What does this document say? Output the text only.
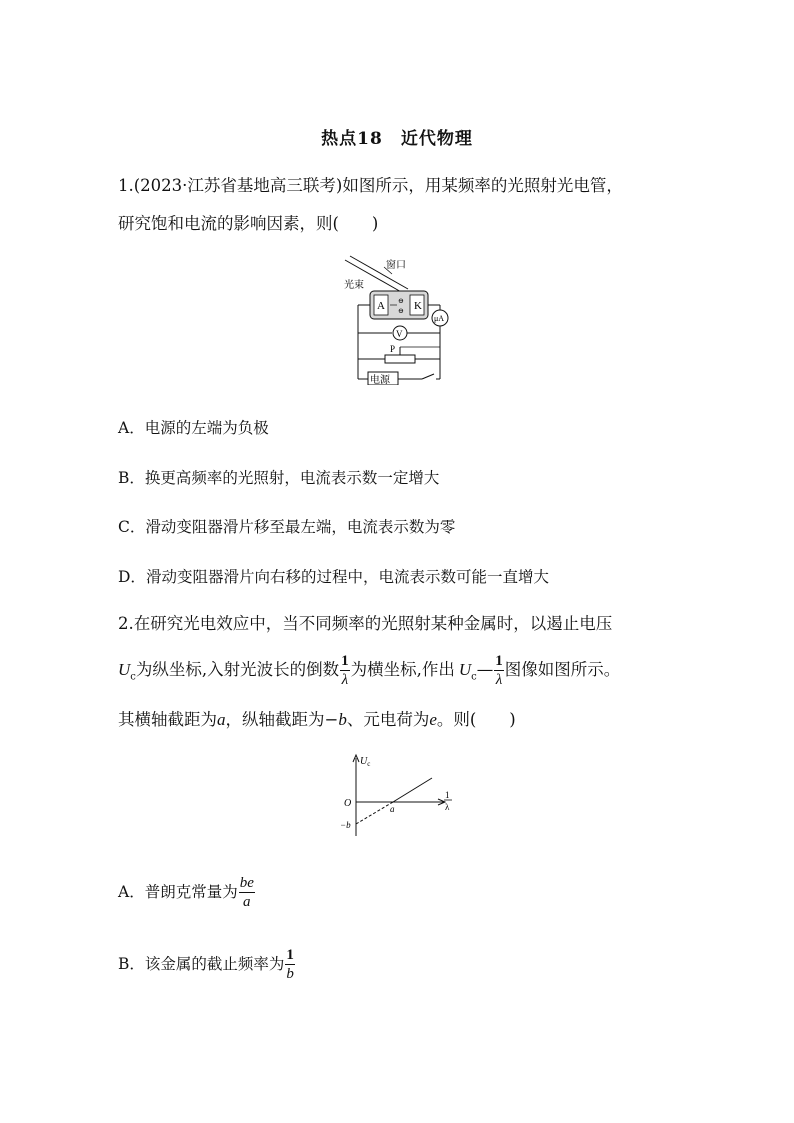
热点18　近代物理
1.(2023·江苏省基地高三联考)如图所示，用某频率的光照射光电管，
研究饱和电流的影响因素，则(　　)
窗口
光束
A	K
⊖
⊖
μA
V
P
电源
A．电源的左端为负极
B．换更高频率的光照射，电流表示数一定增大
C．滑动变阻器滑片移至最左端，电流表示数为零
D．滑动变阻器滑片向右移的过程中，电流表示数可能一直增大
2.在研究光电效应中，当不同频率的光照射某种金属时，以遏止电压
$U_c$为纵坐标,入射光波长的倒数 $\frac{1}{\lambda}$ 为横坐标,作出 $U_c— \frac{1}{\lambda}$ 图像如图所示。
其横轴截距为a，纵轴截距为−b、元电荷为e。则(　　)
$U_c$
1
λ
O	a
−b
A．普朗克常量为 $\frac{be}{a}$
B．该金属的截止频率为 $\frac{1}{b}$
